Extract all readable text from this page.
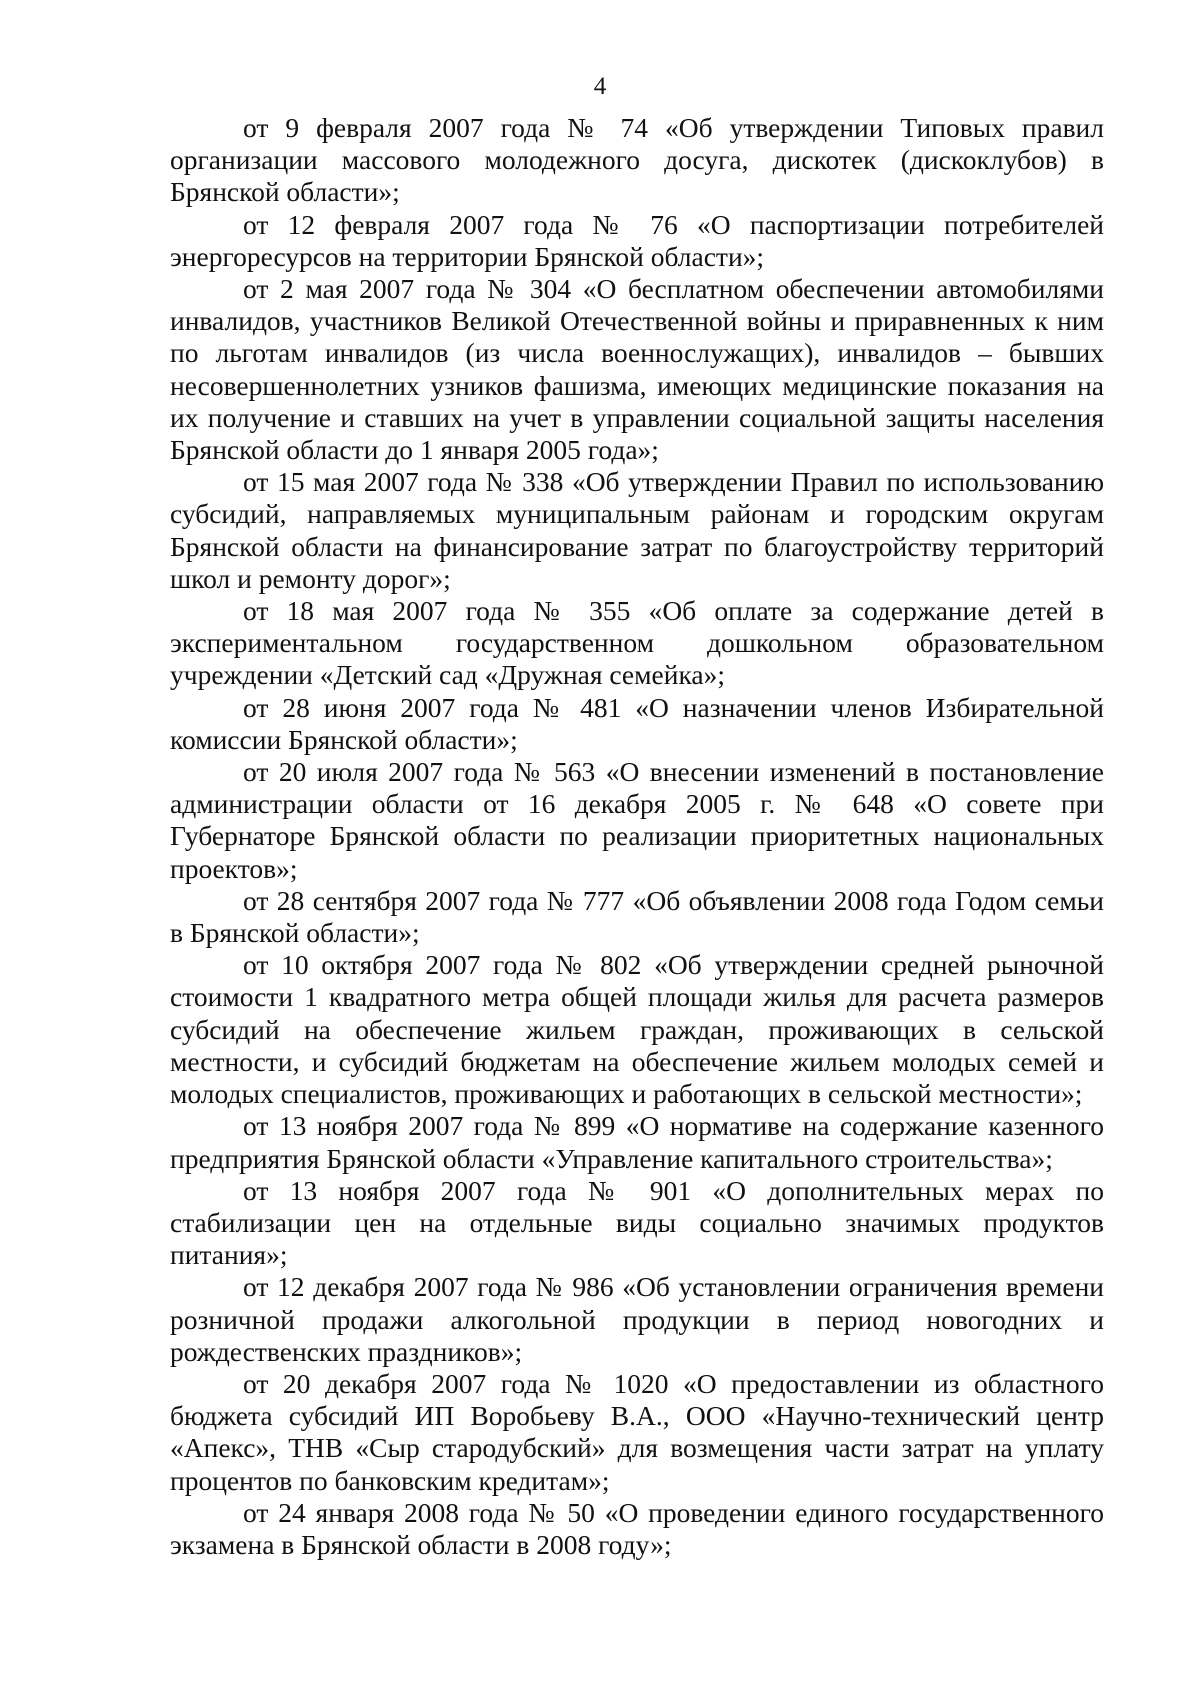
4

от 9 февраля 2007 года № 74 «Об утверждении Типовых правил организации массового молодежного досуга, дискотек (дискоклубов) в Брянской области»;

от 12 февраля 2007 года № 76 «О паспортизации потребителей энергоресурсов на территории Брянской области»;

от 2 мая 2007 года № 304 «О бесплатном обеспечении автомобилями инвалидов, участников Великой Отечественной войны и приравненных к ним по льготам инвалидов (из числа военнослужащих), инвалидов – бывших несовершеннолетних узников фашизма, имеющих медицинские показания на их получение и ставших на учет в управлении социальной защиты населения Брянской области до 1 января 2005 года»;

от 15 мая 2007 года № 338 «Об утверждении Правил по использованию субсидий, направляемых муниципальным районам и городским округам Брянской области на финансирование затрат по благоустройству территорий школ и ремонту дорог»;

от 18 мая 2007 года № 355 «Об оплате за содержание детей в экспериментальном государственном дошкольном образовательном учреждении «Детский сад «Дружная семейка»;

от 28 июня 2007 года № 481 «О назначении членов Избирательной комиссии Брянской области»;

от 20 июля 2007 года № 563 «О внесении изменений в постановление администрации области от 16 декабря 2005 г. № 648 «О совете при Губернаторе Брянской области по реализации приоритетных национальных проектов»;

от 28 сентября 2007 года № 777 «Об объявлении 2008 года Годом семьи в Брянской области»;

от 10 октября 2007 года № 802 «Об утверждении средней рыночной стоимости 1 квадратного метра общей площади жилья для расчета размеров субсидий на обеспечение жильем граждан, проживающих в сельской местности, и субсидий бюджетам на обеспечение жильем молодых семей и молодых специалистов, проживающих и работающих в сельской местности»;

от 13 ноября 2007 года № 899 «О нормативе на содержание казенного предприятия Брянской области «Управление капитального строительства»;

от 13 ноября 2007 года № 901 «О дополнительных мерах по стабилизации цен на отдельные виды социально значимых продуктов питания»;

от 12 декабря 2007 года № 986 «Об установлении ограничения времени розничной продажи алкогольной продукции в период новогодних и рождественских праздников»;

от 20 декабря 2007 года № 1020 «О предоставлении из областного бюджета субсидий ИП Воробьеву В.А., ООО «Научно-технический центр «Апекс», ТНВ «Сыр стародубский» для возмещения части затрат на уплату процентов по банковским кредитам»;

от 24 января 2008 года № 50 «О проведении единого государственного экзамена в Брянской области в 2008 году»;
